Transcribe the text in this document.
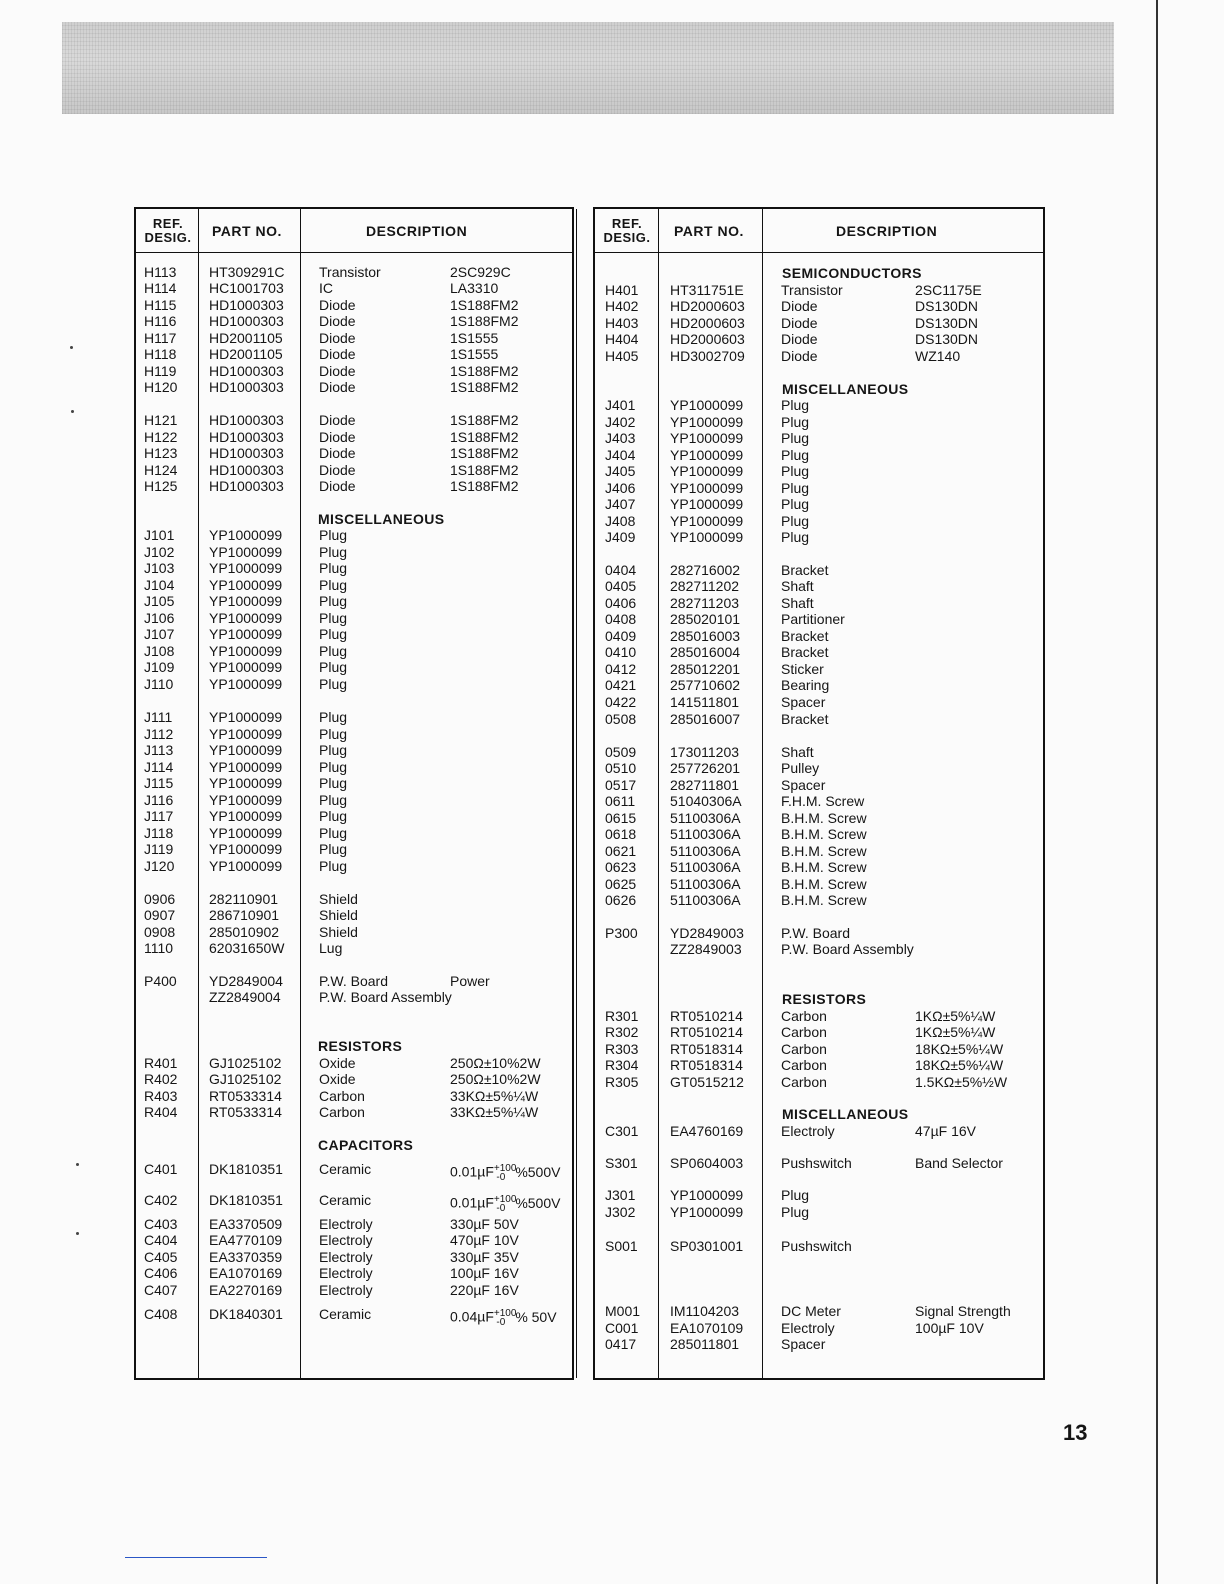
REF.
DESIG. PART NO.	DESCRIPTION
H113 HT309291C Transistor	2SC929C
H114 HC1001703	IC	LA3310
H115 HD1000303	Diode	1S188FM2
H116 HD1000303	Diode	1S188FM2
H117 HD2001105	Diode	1S1555
H118 HD2001105	Diode	1S1555
H119 HD1000303	Diode	1S188FM2
H120 HD1000303	Diode	1S188FM2
H121 HD1000303	Diode	1S188FM2
H122 HD1000303	Diode	1S188FM2
H123 HD1000303	Diode	1S188FM2
H124 HD1000303	Diode	1S188FM2
H125 HD1000303	Diode	1S188FM2
MISCELLANEOUS
J101 YP1000099	Plug
J102 YP1000099	Plug
J103 YP1000099	Plug
J104 YP1000099	Plug
J105 YP1000099	Plug
J106 YP1000099	Plug
J107 YP1000099	Plug
J108 YP1000099	Plug
J109 YP1000099	Plug
J110	YP1000099	Plug
J111	YP1000099	Plug
J112	YP1000099	Plug
J113	YP1000099	Plug
J114	YP1000099	Plug
J115	YP1000099	Plug
J116	YP1000099	Plug
J117	YP1000099	Plug
J118	YP1000099	Plug
J119	YP1000099	Plug
J120 YP1000099	Plug
0906 282110901	Shield
0907 286710901	Shield
0908 285010902	Shield
1110	62031650W Lug
P400 YD2849004	P.W. Board	Power
ZZ2849004	P.W. Board Assembly
RESISTORS
R401 GJ1025102	Oxide	250Ω±10%2W
R402 GJ1025102	Oxide	250Ω±10%2W
R403 RT0533314	Carbon	33KΩ±5%¼W
R404 RT0533314	Carbon	33KΩ±5%¼W
CAPACITORS
C401 DK1810351	Ceramic	0.01µF$^{+100}_{-0}$ %500V
C402 DK1810351	Ceramic	0.01µF$^{+100}_{-0}$ %500V
C403 EA3370509	Electroly	330µF 50V
C404 EA4770109	Electroly	470µF 10V
C405 EA3370359	Electroly	330µF 35V
C406 EA1070169	Electroly	100µF 16V
C407 EA2270169	Electroly	220µF 16V
C408 DK1840301	Ceramic	0.04µF$^{+100}_{-0}$ % 50V
REF.
DESIG. PART NO.	DESCRIPTION
SEMICONDUCTORS
H401 HT311751E	Transistor	2SC1175E
H402 HD2000603	Diode	DS130DN
H403 HD2000603	Diode	DS130DN
H404 HD2000603	Diode	DS130DN
H405 HD3002709	Diode	WZ140
MISCELLANEOUS
J401 YP1000099	Plug
J402 YP1000099	Plug
J403 YP1000099	Plug
J404 YP1000099	Plug
J405 YP1000099	Plug
J406 YP1000099	Plug
J407 YP1000099	Plug
J408 YP1000099	Plug
J409 YP1000099	Plug
0404 282716002	Bracket
0405 282711202	Shaft
0406 282711203	Shaft
0408 285020101	Partitioner
0409 285016003	Bracket
0410 285016004	Bracket
0412 285012201	Sticker
0421 257710602	Bearing
0422 141511801	Spacer
0508 285016007	Bracket
0509 173011203	Shaft
0510 257726201	Pulley
0517 282711801	Spacer
0611 51040306A	F.H.M. Screw
0615 51100306A	B.H.M. Screw
0618 51100306A	B.H.M. Screw
0621 51100306A	B.H.M. Screw
0623 51100306A	B.H.M. Screw
0625 51100306A	B.H.M. Screw
0626 51100306A	B.H.M. Screw
P300 YD2849003	P.W. Board
ZZ2849003	P.W. Board Assembly
RESISTORS
R301 RT0510214	Carbon	1KΩ±5%¼W
R302 RT0510214	Carbon	1KΩ±5%¼W
R303 RT0518314	Carbon	18KΩ±5%¼W
R304 RT0518314	Carbon	18KΩ±5%¼W
R305 GT0515212	Carbon	1.5KΩ±5%½W
MISCELLANEOUS
C301 EA4760169	Electroly	47µF 16V
S301 SP0604003	Pushswitch	Band Selector
J301 YP1000099	Plug
J302 YP1000099	Plug
S001 SP0301001	Pushswitch
M001 IM1104203	DC Meter	Signal Strength
C001 EA1070109	Electroly	100µF 10V
0417 285011801	Spacer
13
